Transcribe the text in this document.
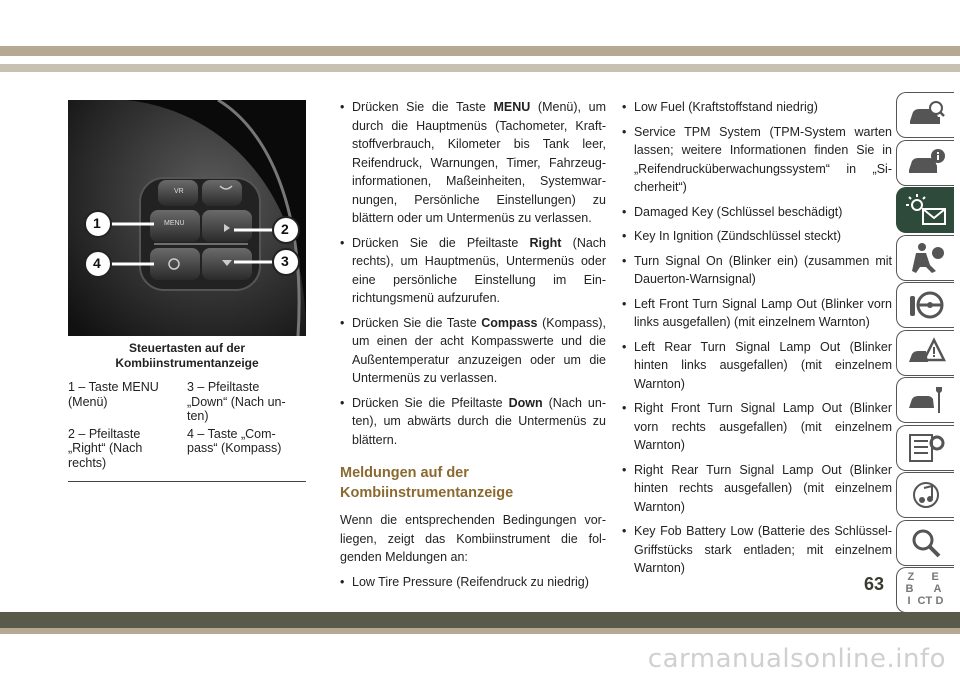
VR
MENU
1	2
3
4
Steuertasten auf der Kombiinstrumentanzeige
1 – Taste MENU (Menü)
3 – Pfeiltaste „Down“ (Nach un-ten)
2 – Pfeiltaste „Right“ (Nach rechts)
4 – Taste „Com-pass“ (Kompass)
• Drücken Sie die Taste MENU (Menü), um durch die Hauptmenüs (Tachometer, Kraft-stoffverbrauch, Kilometer bis Tank leer, Reifendruck, Warnungen, Timer, Fahrzeug-informationen, Maßeinheiten, Systemwar-nungen, Persönliche Einstellungen) zu blättern oder um Untermenüs zu verlassen.
• Drücken Sie die Pfeiltaste Right (Nach rechts), um Hauptmenüs, Untermenüs oder eine persönliche Einstellung im Ein-richtungsmenü aufzurufen.
• Drücken Sie die Taste Compass (Kompass), um einen der acht Kompasswerte und die Außentemperatur anzuzeigen oder um die Untermenüs zu verlassen.
• Drücken Sie die Pfeiltaste Down (Nach un-ten), um abwärts durch die Untermenüs zu blättern.
Meldungen auf der Kombiinstrumentanzeige
Wenn die entsprechenden Bedingungen vor-liegen, zeigt das Kombiinstrument die fol-genden Meldungen an:
• Low Tire Pressure (Reifendruck zu niedrig)
• Low Fuel (Kraftstoffstand niedrig)
• Service TPM System (TPM-System warten lassen; weitere Informationen finden Sie in „Reifendrucküberwachungssystem“ in „Si-cherheit“)
• Damaged Key (Schlüssel beschädigt)
• Key In Ignition (Zündschlüssel steckt)
• Turn Signal On (Blinker ein) (zusammen mit Dauerton-Warnsignal)
• Left Front Turn Signal Lamp Out (Blinker vorn links ausgefallen) (mit einzelnem Warnton)
• Left Rear Turn Signal Lamp Out (Blinker hinten links ausgefallen) (mit einzelnem Warnton)
• Right Front Turn Signal Lamp Out (Blinker vorn rechts ausgefallen) (mit einzelnem Warnton)
• Right Rear Turn Signal Lamp Out (Blinker hinten rechts ausgefallen) (mit einzelnem Warnton)
• Key Fob Battery Low (Batterie des Schlüssel-Griffstücks stark entladen; mit einzelnem Warnton)
Z E
B A
I C T D
63
carmanualsonline.info
